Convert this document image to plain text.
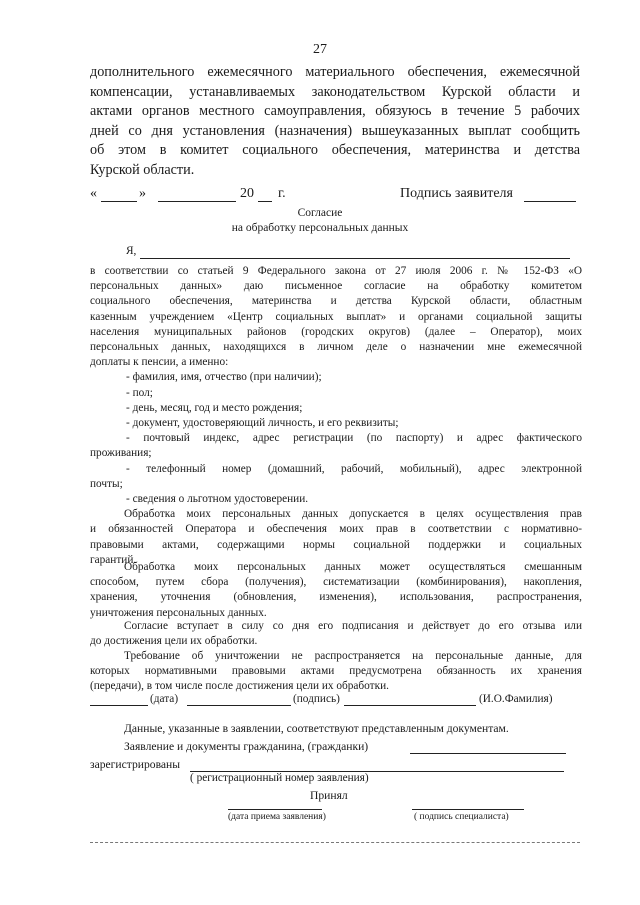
27
дополнительного ежемесячного материального обеспечения, ежемесячной
компенсации, устанавливаемых законодательством Курской области и
актами органов местного самоуправления, обязуюсь в течение 5 рабочих
дней со дня установления (назначения) вышеуказанных выплат сообщить
об этом в комитет социального обеспечения, материнства и детства
Курской области.
«	»	20 г.	Подпись заявителя
Согласие
на обработку персональных данных
Я,
в соответствии со статьей 9 Федерального закона от 27 июля 2006 г. № 152-ФЗ «О
персональных данных» даю письменное согласие на обработку комитетом
социального обеспечения, материнства и детства Курской области, областным
казенным учреждением «Центр социальных выплат» и органами социальной защиты
населения муниципальных районов (городских округов) (далее – Оператор), моих
персональных данных, находящихся в личном деле о назначении мне ежемесячной
доплаты к пенсии, а именно:
- фамилия, имя, отчество (при наличии);
- пол;
- день, месяц, год и место рождения;
- документ, удостоверяющий личность, и его реквизиты;
- почтовый индекс, адрес регистрации (по паспорту) и адрес фактического
проживания;
- телефонный номер (домашний, рабочий, мобильный), адрес электронной
почты;
- сведения о льготном удостоверении.
Обработка моих персональных данных допускается в целях осуществления прав
и обязанностей Оператора и обеспечения моих прав в соответствии с нормативно-
правовыми актами, содержащими нормы социальной поддержки и социальных
гарантий.
Обработка моих персональных данных может осуществляться смешанным
способом, путем сбора (получения), систематизации (комбинирования), накопления,
хранения, уточнения (обновления, изменения), использования, распространения,
уничтожения персональных данных.
Согласие вступает в силу со дня его подписания и действует до его отзыва или
до достижения цели их обработки.
Требование об уничтожении не распространяется на персональные данные, для
которых нормативными правовыми актами предусмотрена обязанность их хранения
(передачи), в том числе после достижения цели их обработки.
(дата)	(подпись)	(И.О.Фамилия)
Данные, указанные в заявлении, соответствуют представленным документам.
Заявление и документы гражданина, (гражданки)
зарегистрированы
( регистрационный номер заявления)
Принял
(дата приема заявления)	( подпись специалиста)
